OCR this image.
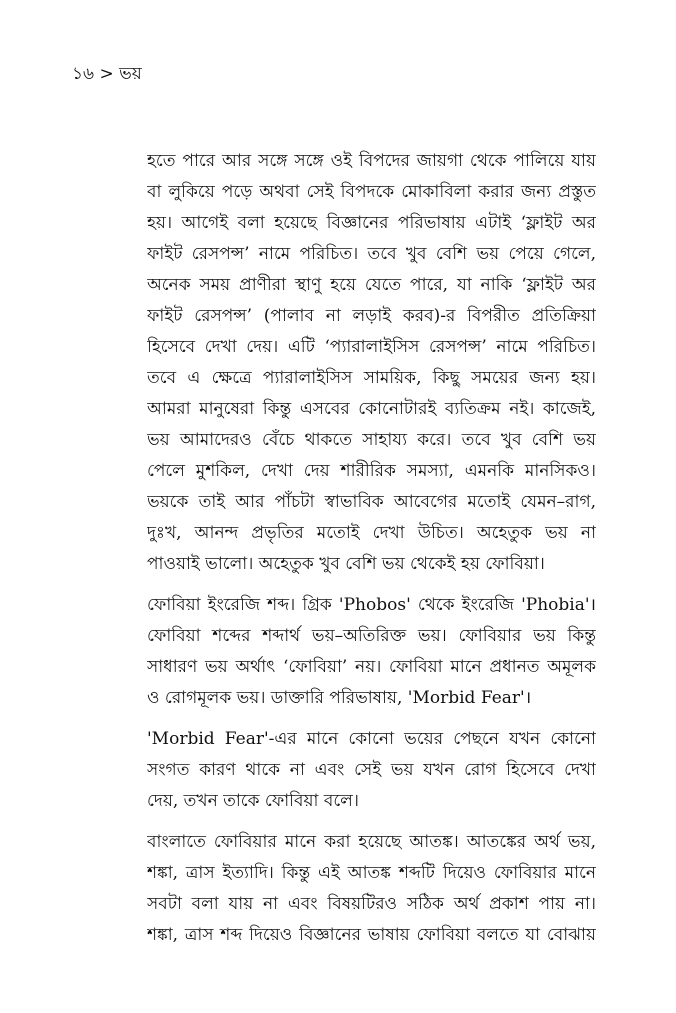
১৬ > ভয়
হতে পারে আর সঙ্গে সঙ্গে ওই বিপদের জায়গা থেকে পালিয়ে যায়
বা লুকিয়ে পড়ে অথবা সেই বিপদকে মোকাবিলা করার জন্য প্রস্তুত
হয়। আগেই বলা হয়েছে বিজ্ঞানের পরিভাষায় এটাই ‘ফ্লাইট অর
ফাইট রেসপন্স’ নামে পরিচিত। তবে খুব বেশি ভয় পেয়ে গেলে,
অনেক সময় প্রাণীরা স্থাণু হয়ে যেতে পারে, যা নাকি ‘ফ্লাইট অর
ফাইট রেসপন্স’ (পালাব না লড়াই করব)-র বিপরীত প্রতিক্রিয়া
হিসেবে দেখা দেয়। এটি ‘প্যারালাইসিস রেসপন্স’ নামে পরিচিত।
তবে এ ক্ষেত্রে প্যারালাইসিস সাময়িক, কিছু সময়ের জন্য হয়।
আমরা মানুষেরা কিন্তু এসবের কোনোটারই ব্যতিক্রম নই। কাজেই,
ভয় আমাদেরও বেঁচে থাকতে সাহায্য করে। তবে খুব বেশি ভয়
পেলে মুশকিল, দেখা দেয় শারীরিক সমস্যা, এমনকি মানসিকও।
ভয়কে তাই আর পাঁচটা স্বাভাবিক আবেগের মতোই যেমন–রাগ,
দুঃখ, আনন্দ প্রভৃতির মতোই দেখা উচিত। অহেতুক ভয় না
পাওয়াই ভালো। অহেতুক খুব বেশি ভয় থেকেই হয় ফোবিয়া।
ফোবিয়া ইংরেজি শব্দ। গ্রিক 'Phobos' থেকে ইংরেজি 'Phobia'।
ফোবিয়া শব্দের শব্দার্থ ভয়–অতিরিক্ত ভয়। ফোবিয়ার ভয় কিন্তু
সাধারণ ভয় অর্থাৎ ‘ফোবিয়া’ নয়। ফোবিয়া মানে প্রধানত অমূলক
ও রোগমূলক ভয়। ডাক্তারি পরিভাষায়, 'Morbid Fear'।
'Morbid Fear'-এর মানে কোনো ভয়ের পেছনে যখন কোনো
সংগত কারণ থাকে না এবং সেই ভয় যখন রোগ হিসেবে দেখা
দেয়, তখন তাকে ফোবিয়া বলে।
বাংলাতে ফোবিয়ার মানে করা হয়েছে আতঙ্ক। আতঙ্কের অর্থ ভয়,
শঙ্কা, ত্রাস ইত্যাদি। কিন্তু এই আতঙ্ক শব্দটি দিয়েও ফোবিয়ার মানে
সবটা বলা যায় না এবং বিষয়টিরও সঠিক অর্থ প্রকাশ পায় না।
শঙ্কা, ত্রাস শব্দ দিয়েও বিজ্ঞানের ভাষায় ফোবিয়া বলতে যা বোঝায়
